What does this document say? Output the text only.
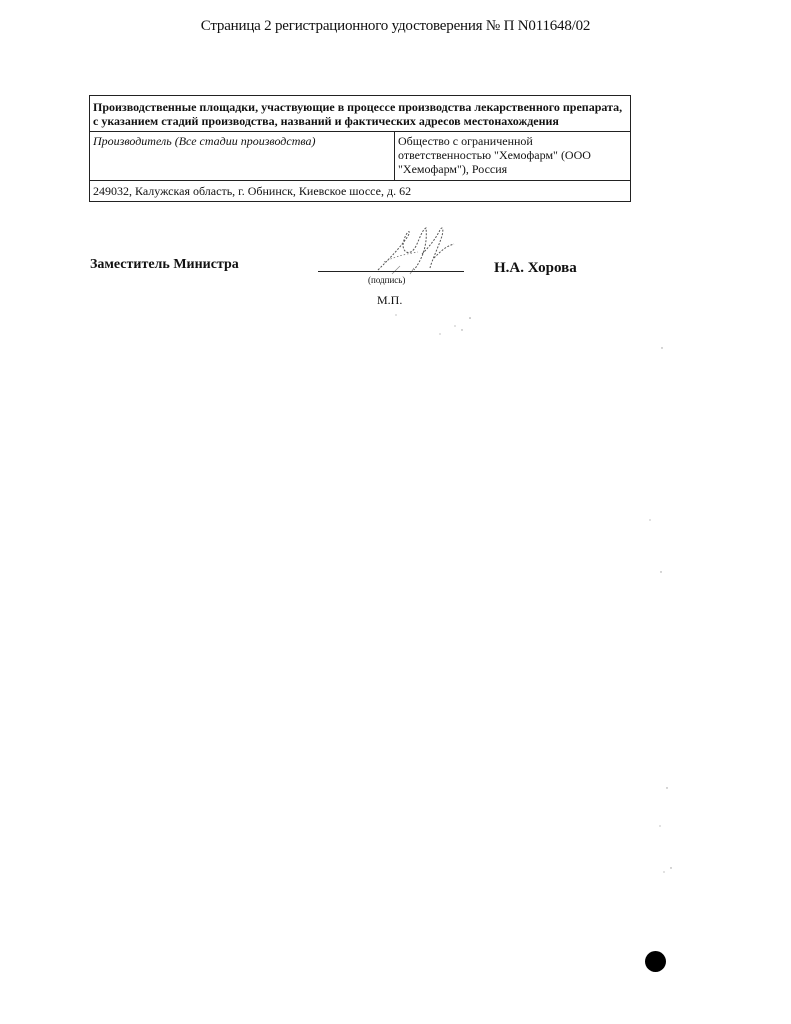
Страница 2 регистрационного удостоверения № П N011648/02
Производственные площадки, участвующие в процессе производства лекарственного препарата, с указанием стадий производства, названий и фактических адресов местонахождения
Производитель (Все стадии производства)	Общество с ограниченной ответственностью "Хемофарм" (ООО "Хемофарм"), Россия
249032, Калужская область, г. Обнинск, Киевское шоссе, д. 62
Заместитель Министра
(подпись)
Н.А. Хорова
М.П.
